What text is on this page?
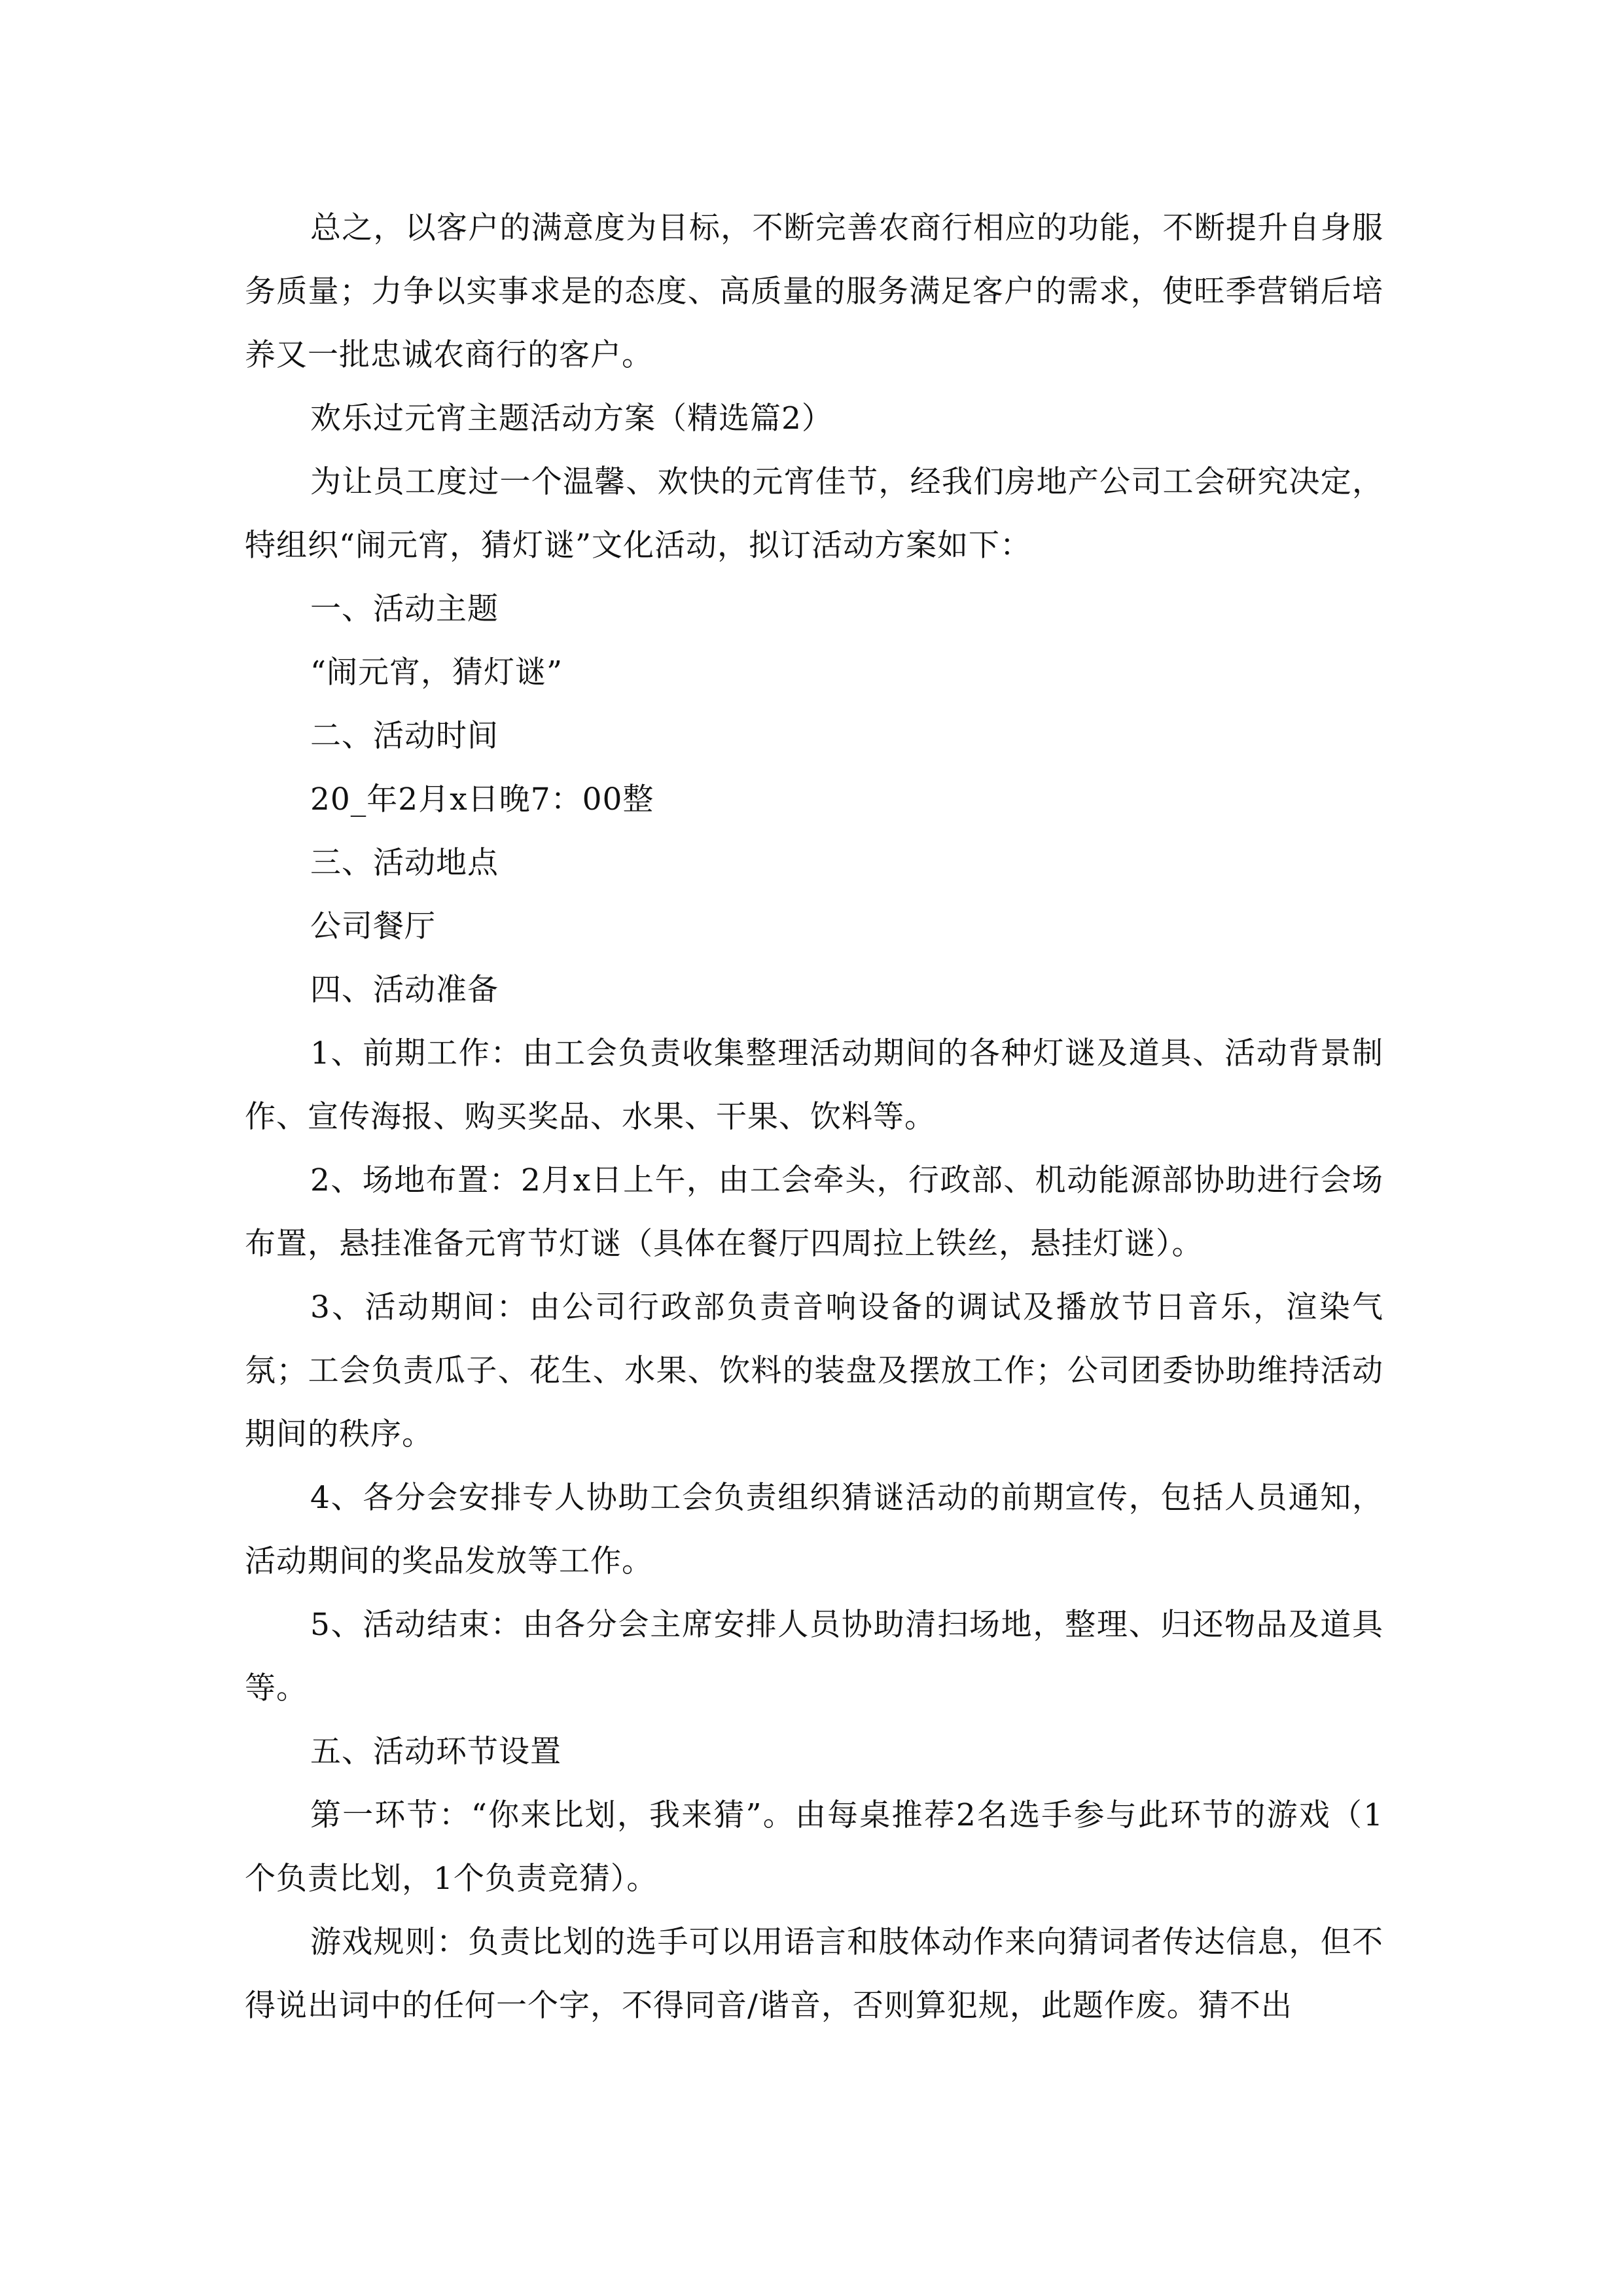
总之，以客户的满意度为目标，不断完善农商行相应的功能，不断提升自身服务质量；力争以实事求是的态度、高质量的服务满足客户的需求，使旺季营销后培养又一批忠诚农商行的客户。

欢乐过元宵主题活动方案（精选篇2）

为让员工度过一个温馨、欢快的元宵佳节，经我们房地产公司工会研究决定，特组织“闹元宵，猜灯谜”文化活动，拟订活动方案如下：

一、活动主题

“闹元宵，猜灯谜”

二、活动时间

20_年2月x日晚7：00整

三、活动地点

公司餐厅

四、活动准备

1、前期工作：由工会负责收集整理活动期间的各种灯谜及道具、活动背景制作、宣传海报、购买奖品、水果、干果、饮料等。

2、场地布置：2月x日上午，由工会牵头，行政部、机动能源部协助进行会场布置，悬挂准备元宵节灯谜（具体在餐厅四周拉上铁丝，悬挂灯谜）。

3、活动期间：由公司行政部负责音响设备的调试及播放节日音乐，渲染气氛；工会负责瓜子、花生、水果、饮料的装盘及摆放工作；公司团委协助维持活动期间的秩序。

4、各分会安排专人协助工会负责组织猜谜活动的前期宣传，包括人员通知，活动期间的奖品发放等工作。

5、活动结束：由各分会主席安排人员协助清扫场地，整理、归还物品及道具等。

五、活动环节设置

第一环节：“你来比划，我来猜”。由每桌推荐2名选手参与此环节的游戏（1个负责比划，1个负责竞猜）。

游戏规则：负责比划的选手可以用语言和肢体动作来向猜词者传达信息，但不得说出词中的任何一个字，不得同音/谐音，否则算犯规，此题作废。猜不出
